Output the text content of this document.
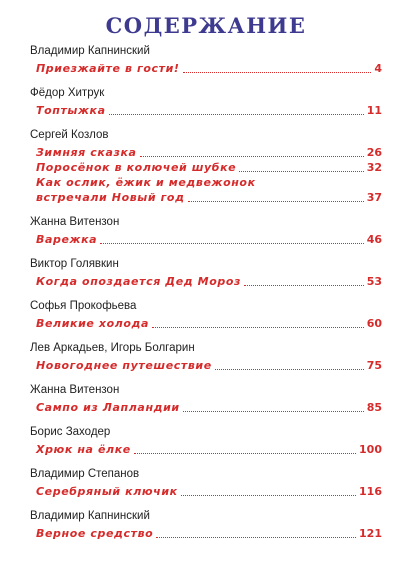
СОДЕРЖАНИЕ
Владимир Капнинский
Приезжайте в гости!	4
Фёдор Хитрук
Топтыжка	11
Сергей Козлов
Зимняя сказка	26
Поросёнок в колючей шубке	32
Как ослик, ёжик и медвежонок
встречали Новый год	37
Жанна Витензон
Варежка	46
Виктор Голявкин
Когда опоздается Дед Мороз	53
Софья Прокофьева
Великие холода	60
Лев Аркадьев, Игорь Болгарин
Новогоднее путешествие	75
Жанна Витензон
Сампо из Лапландии	85
Борис Заходер
Хрюк на ёлке	100
Владимир Степанов
Серебряный ключик	116
Владимир Капнинский
Верное средство	121
